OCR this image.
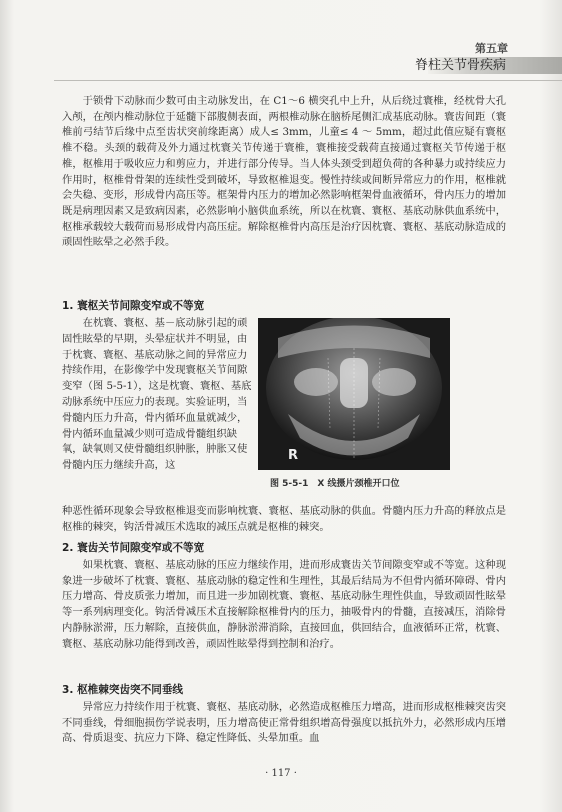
第五章
脊柱关节骨疾病
于锁骨下动脉而少数可由主动脉发出，在 C1～6 横突孔中上升，从后绕过寰椎，经枕骨大孔入颅，在颅内椎动脉位于延髓下部腹侧表面，两根椎动脉在脑桥尾侧汇成基底动脉。寰齿间距（寰椎前弓结节后缘中点至齿状突前缘距离）成人≤ 3mm，儿童≤ 4 ～ 5mm，超过此值应疑有寰枢椎不稳。头颈的载荷及外力通过枕寰关节传递于寰椎，寰椎接受载荷直接通过寰枢关节传递于枢椎，枢椎用于吸收应力和剪应力，并进行部分传导。当人体头颈受到超负荷的各种暴力或持续应力作用时，枢椎骨骨架的连续性受到破坏，导致枢椎退变。慢性持续或间断异常应力的作用，枢椎就会失稳、变形，形成骨内高压等。框架骨内压力的增加必然影响框架骨血液循环，骨内压力的增加既是病理因素又是致病因素，必然影响小脑供血系统，所以在枕寰、寰枢、基底动脉供血系统中，枢椎承载较大载荷而易形成骨内高压症。解除枢椎骨内高压是治疗因枕寰、寰枢、基底动脉造成的顽固性眩晕之必然手段。
1. 寰枢关节间隙变窄或不等宽
在枕寰、寰枢、基－底动脉引起的顽固性眩晕的早期，头晕症状并不明显，由于枕寰、寰枢、基底动脉之间的异常应力持续作用，在影像学中发现寰枢关节间隙变窄（图 5-5-1），这是枕寰、寰枢、基底动脉系统中压应力的表现。实验证明，当骨髓内压力升高，骨内循环血量就减少，骨内循环血量减少则可造成骨髓组织缺氧，缺氧则又使骨髓组织肿胀，肿胀又使骨髓内压力继续升高，这
R
图 5-5-1　X 线摄片颈椎开口位
种恶性循环现象会导致枢椎退变而影响枕寰、寰枢、基底动脉的供血。骨髓内压力升高的释放点是枢椎的棘突，钩活骨减压术选取的减压点就是枢椎的棘突。
2. 寰齿关节间隙变窄或不等宽
如果枕寰、寰枢、基底动脉的压应力继续作用，进而形成寰齿关节间隙变窄或不等宽。这种现象进一步破坏了枕寰、寰枢、基底动脉的稳定性和生理性，其最后结局为不但骨内循环障碍、骨内压力增高、骨皮质张力增加，而且进一步加剧枕寰、寰枢、基底动脉生理性供血，导致顽固性眩晕等一系列病理变化。钩活骨减压术直接解除枢椎骨内的压力，抽吸骨内的骨髓，直接减压，消除骨内静脉淤滞，压力解除，直接供血，静脉淤滞消除，直接回血，供回结合，血液循环正常，枕寰、寰枢、基底动脉功能得到改善，顽固性眩晕得到控制和治疗。
3. 枢椎棘突齿突不同垂线
异常应力持续作用于枕寰、寰枢、基底动脉，必然造成枢椎压力增高，进而形成枢椎棘突齿突不同垂线，骨细胞损伤学说表明，压力增高使正常骨组织增高骨强度以抵抗外力，必然形成内压增高、骨质退变、抗应力下降、稳定性降低、头晕加重。血
· 117 ·
